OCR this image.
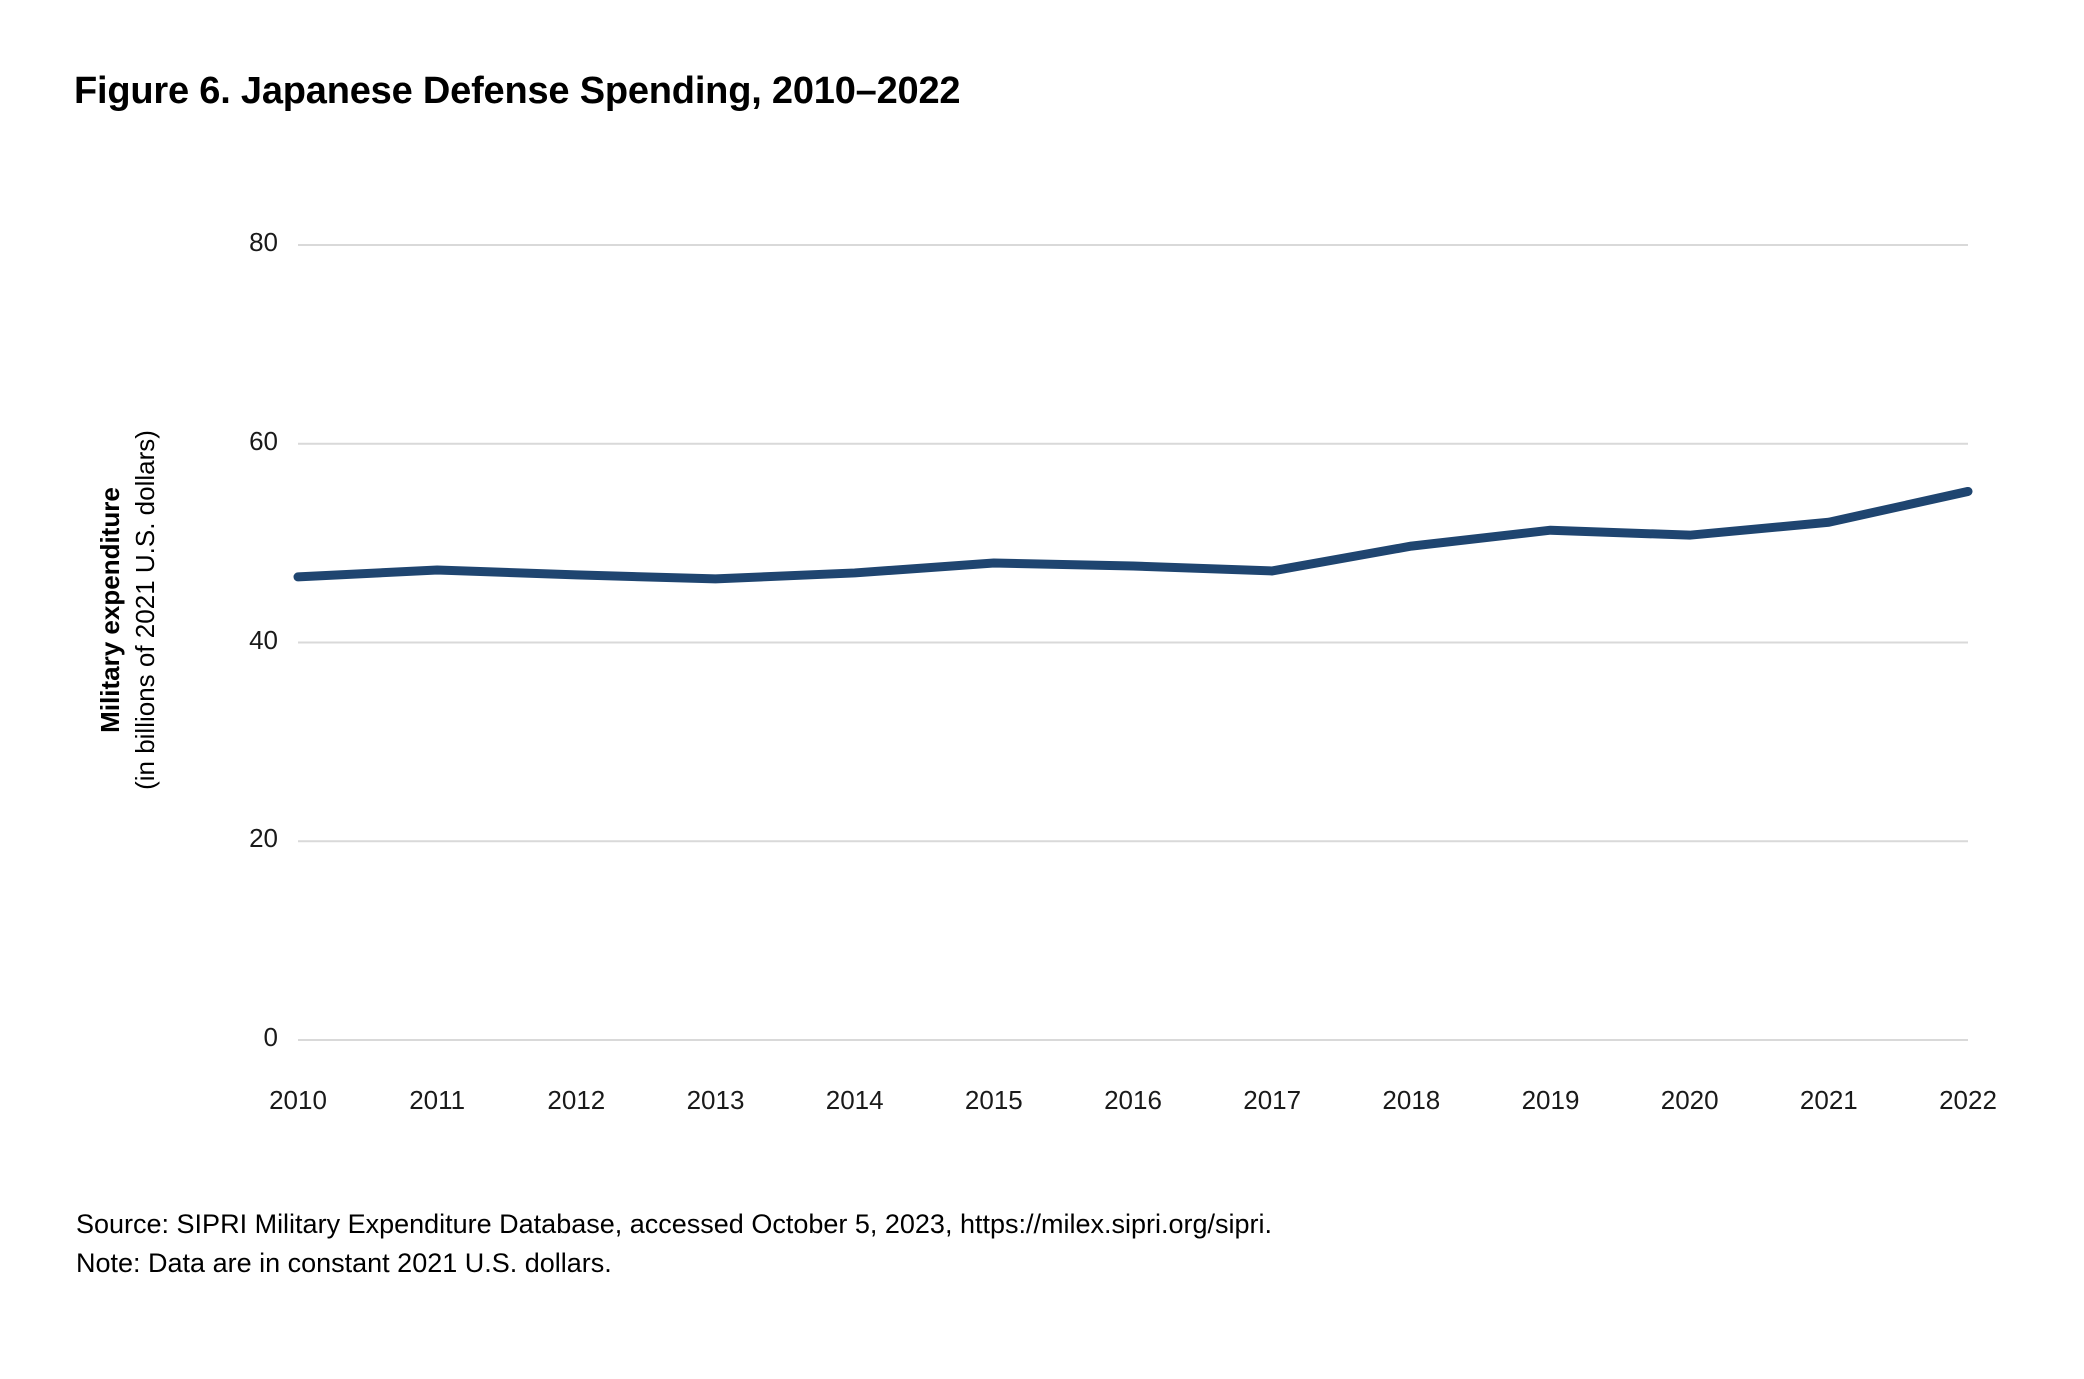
Figure 6. Japanese Defense Spending, 2010–2022
Military expenditure (in billions of 2021 U.S. dollars)
0
20
40
60
80
2010	2011	2012	2013	2014	2015	2016	2017	2018	2019	2020	2021	2022
Source: SIPRI Military Expenditure Database, accessed October 5, 2023, https://milex.sipri.org/sipri.
Note: Data are in constant 2021 U.S. dollars.
